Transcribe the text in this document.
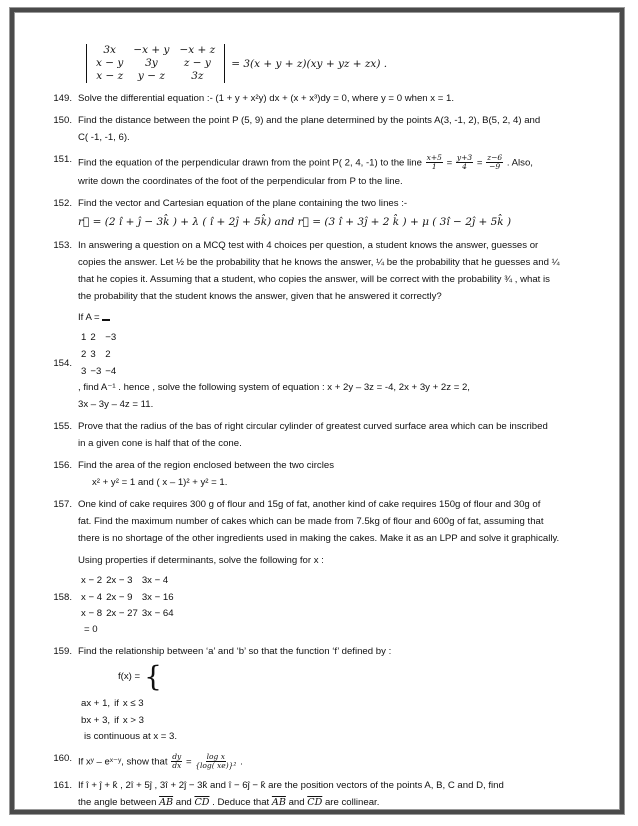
3x	−x + y	−x + z
x − y	3y	z − y
x − z	y − z	3z
= 3(x + y + z)(xy + yz + zx) .
149. Solve the differential equation :- (1 + y + x²y) dx + (x + x³)dy = 0, where y = 0 when x = 1.

150. Find the distance between the point P (5, 9) and the plane determined by the points A(3, -1, 2), B(5, 2, 4) and

C( -1, -1, 6).

151. Find the equation of the perpendicular drawn from the point P( 2, 4, -1) to the line $\frac{x+5}{1} = \frac{y+3}{4} = \frac{z-6}{-9}$ . Also,

write down the coordinates of the foot of the perpendicular from P to the line.

152. Find the vector and Cartesian equation of the plane containing the two lines :-

r⃗ = (2 î + ĵ − 3k̂ ) + λ ( î + 2ĵ + 5k̂) and r⃗ = (3 î + 3ĵ + 2 k̂ ) + μ ( 3î − 2ĵ + 5k̂ )
153. In answering a question on a MCQ test with 4 choices per question, a student knows the answer, guesses or

copies the answer. Let ½ be the probability that he knows the answer, ¼ be the probability that he guesses and ¼

that he copies it. Assuming that a student, who copies the answer, will be correct with the probability ¾ , what is

the probability that the student knows the answer, given that he answered it correctly?

154.

If A =

1	2	−3
2	3	2
3	−3	−4
, find A⁻¹ . hence , solve the following system of equation : x + 2y – 3z = -4, 2x + 3y + 2z = 2,

3x – 3y – 4z = 11.

155. Prove that the radius of the bas of right circular cylinder of greatest curved surface area which can be inscribed

in a given cone is half that of the cone.

156. Find the area of the region enclosed between the two circles

x² + y² = 1 and ( x – 1)² + y² = 1.

157. One kind of cake requires 300 g of flour and 15g of fat, another kind of cake requires 150g of flour and 30g of

fat. Find the maximum number of cakes which can be made from 7.5kg of flour and 600g of fat, assuming that

there is no shortage of the other ingredients used in making the cakes. Make it as an LPP and solve it graphically.

158.

Using properties if determinants, solve the following for x :

x − 2	2x − 3	3x − 4
x − 4	2x − 9	3x − 16
x − 8	2x − 27	3x − 64
= 0

159. Find the relationship between ‘a’ and ‘b’ so that the function ‘f’ defined by :

f(x) = {

ax + 1,	if	x ≤ 3
bx + 3,	if	x > 3
is continuous at x = 3.

160. If xʸ – eˣ⁻ʸ, show that $\frac{dy}{dx} = \frac{\text{log x}}{\text{\{log( xe)\}²}}$ .

161. If î + ĵ + k̂ , 2î + 5ĵ , 3î + 2ĵ − 3k̂ and î − 6ĵ − k̂ are the position vectors of the points A, B, C and D, find

the angle between $\overline{AB}$ and $\overline{CD}$ . Deduce that $\overline{AB}$ and $\overline{CD}$ are collinear.
